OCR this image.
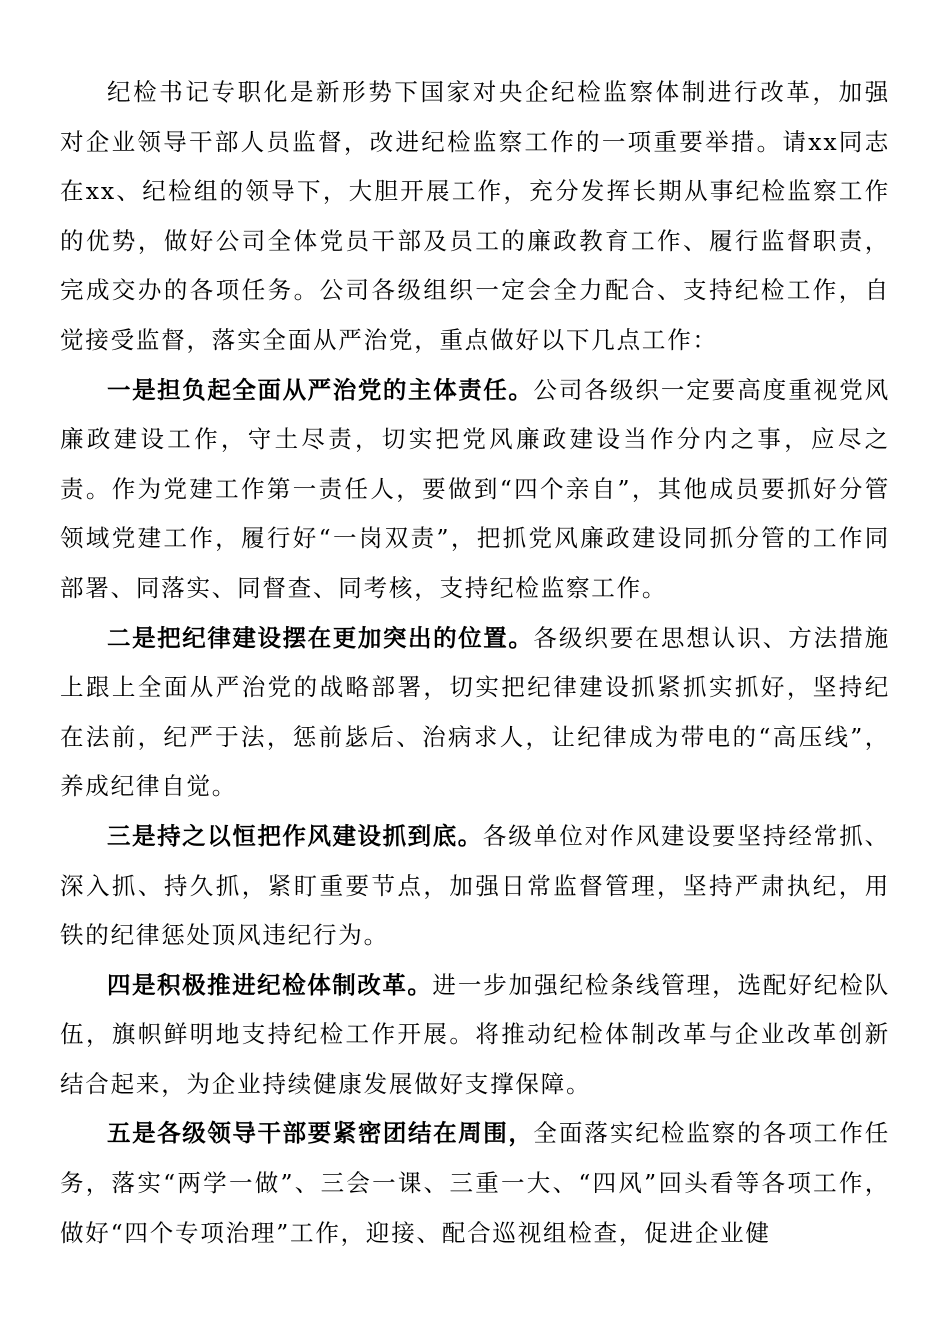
纪检书记专职化是新形势下国家对央企纪检监察体制进行改革，加强对企业领导干部人员监督，改进纪检监察工作的一项重要举措。请xx同志在xx、纪检组的领导下，大胆开展工作，充分发挥长期从事纪检监察工作的优势，做好公司全体党员干部及员工的廉政教育工作、履行监督职责，完成交办的各项任务。公司各级组织一定会全力配合、支持纪检工作，自觉接受监督，落实全面从严治党，重点做好以下几点工作：

一是担负起全面从严治党的主体责任。公司各级织一定要高度重视党风廉政建设工作，守土尽责，切实把党风廉政建设当作分内之事，应尽之责。作为党建工作第一责任人，要做到“四个亲自”，其他成员要抓好分管领域党建工作，履行好“一岗双责”，把抓党风廉政建设同抓分管的工作同部署、同落实、同督查、同考核，支持纪检监察工作。

二是把纪律建设摆在更加突出的位置。各级织要在思想认识、方法措施上跟上全面从严治党的战略部署，切实把纪律建设抓紧抓实抓好，坚持纪在法前，纪严于法，惩前毖后、治病求人，让纪律成为带电的“高压线”，养成纪律自觉。

三是持之以恒把作风建设抓到底。各级单位对作风建设要坚持经常抓、深入抓、持久抓，紧盯重要节点，加强日常监督管理，坚持严肃执纪，用铁的纪律惩处顶风违纪行为。

四是积极推进纪检体制改革。进一步加强纪检条线管理，选配好纪检队伍，旗帜鲜明地支持纪检工作开展。将推动纪检体制改革与企业改革创新结合起来，为企业持续健康发展做好支撑保障。

五是各级领导干部要紧密团结在周围，全面落实纪检监察的各项工作任务，落实“两学一做”、三会一课、三重一大、“四风”回头看等各项工作，做好“四个专项治理”工作，迎接、配合巡视组检查，促进企业健
